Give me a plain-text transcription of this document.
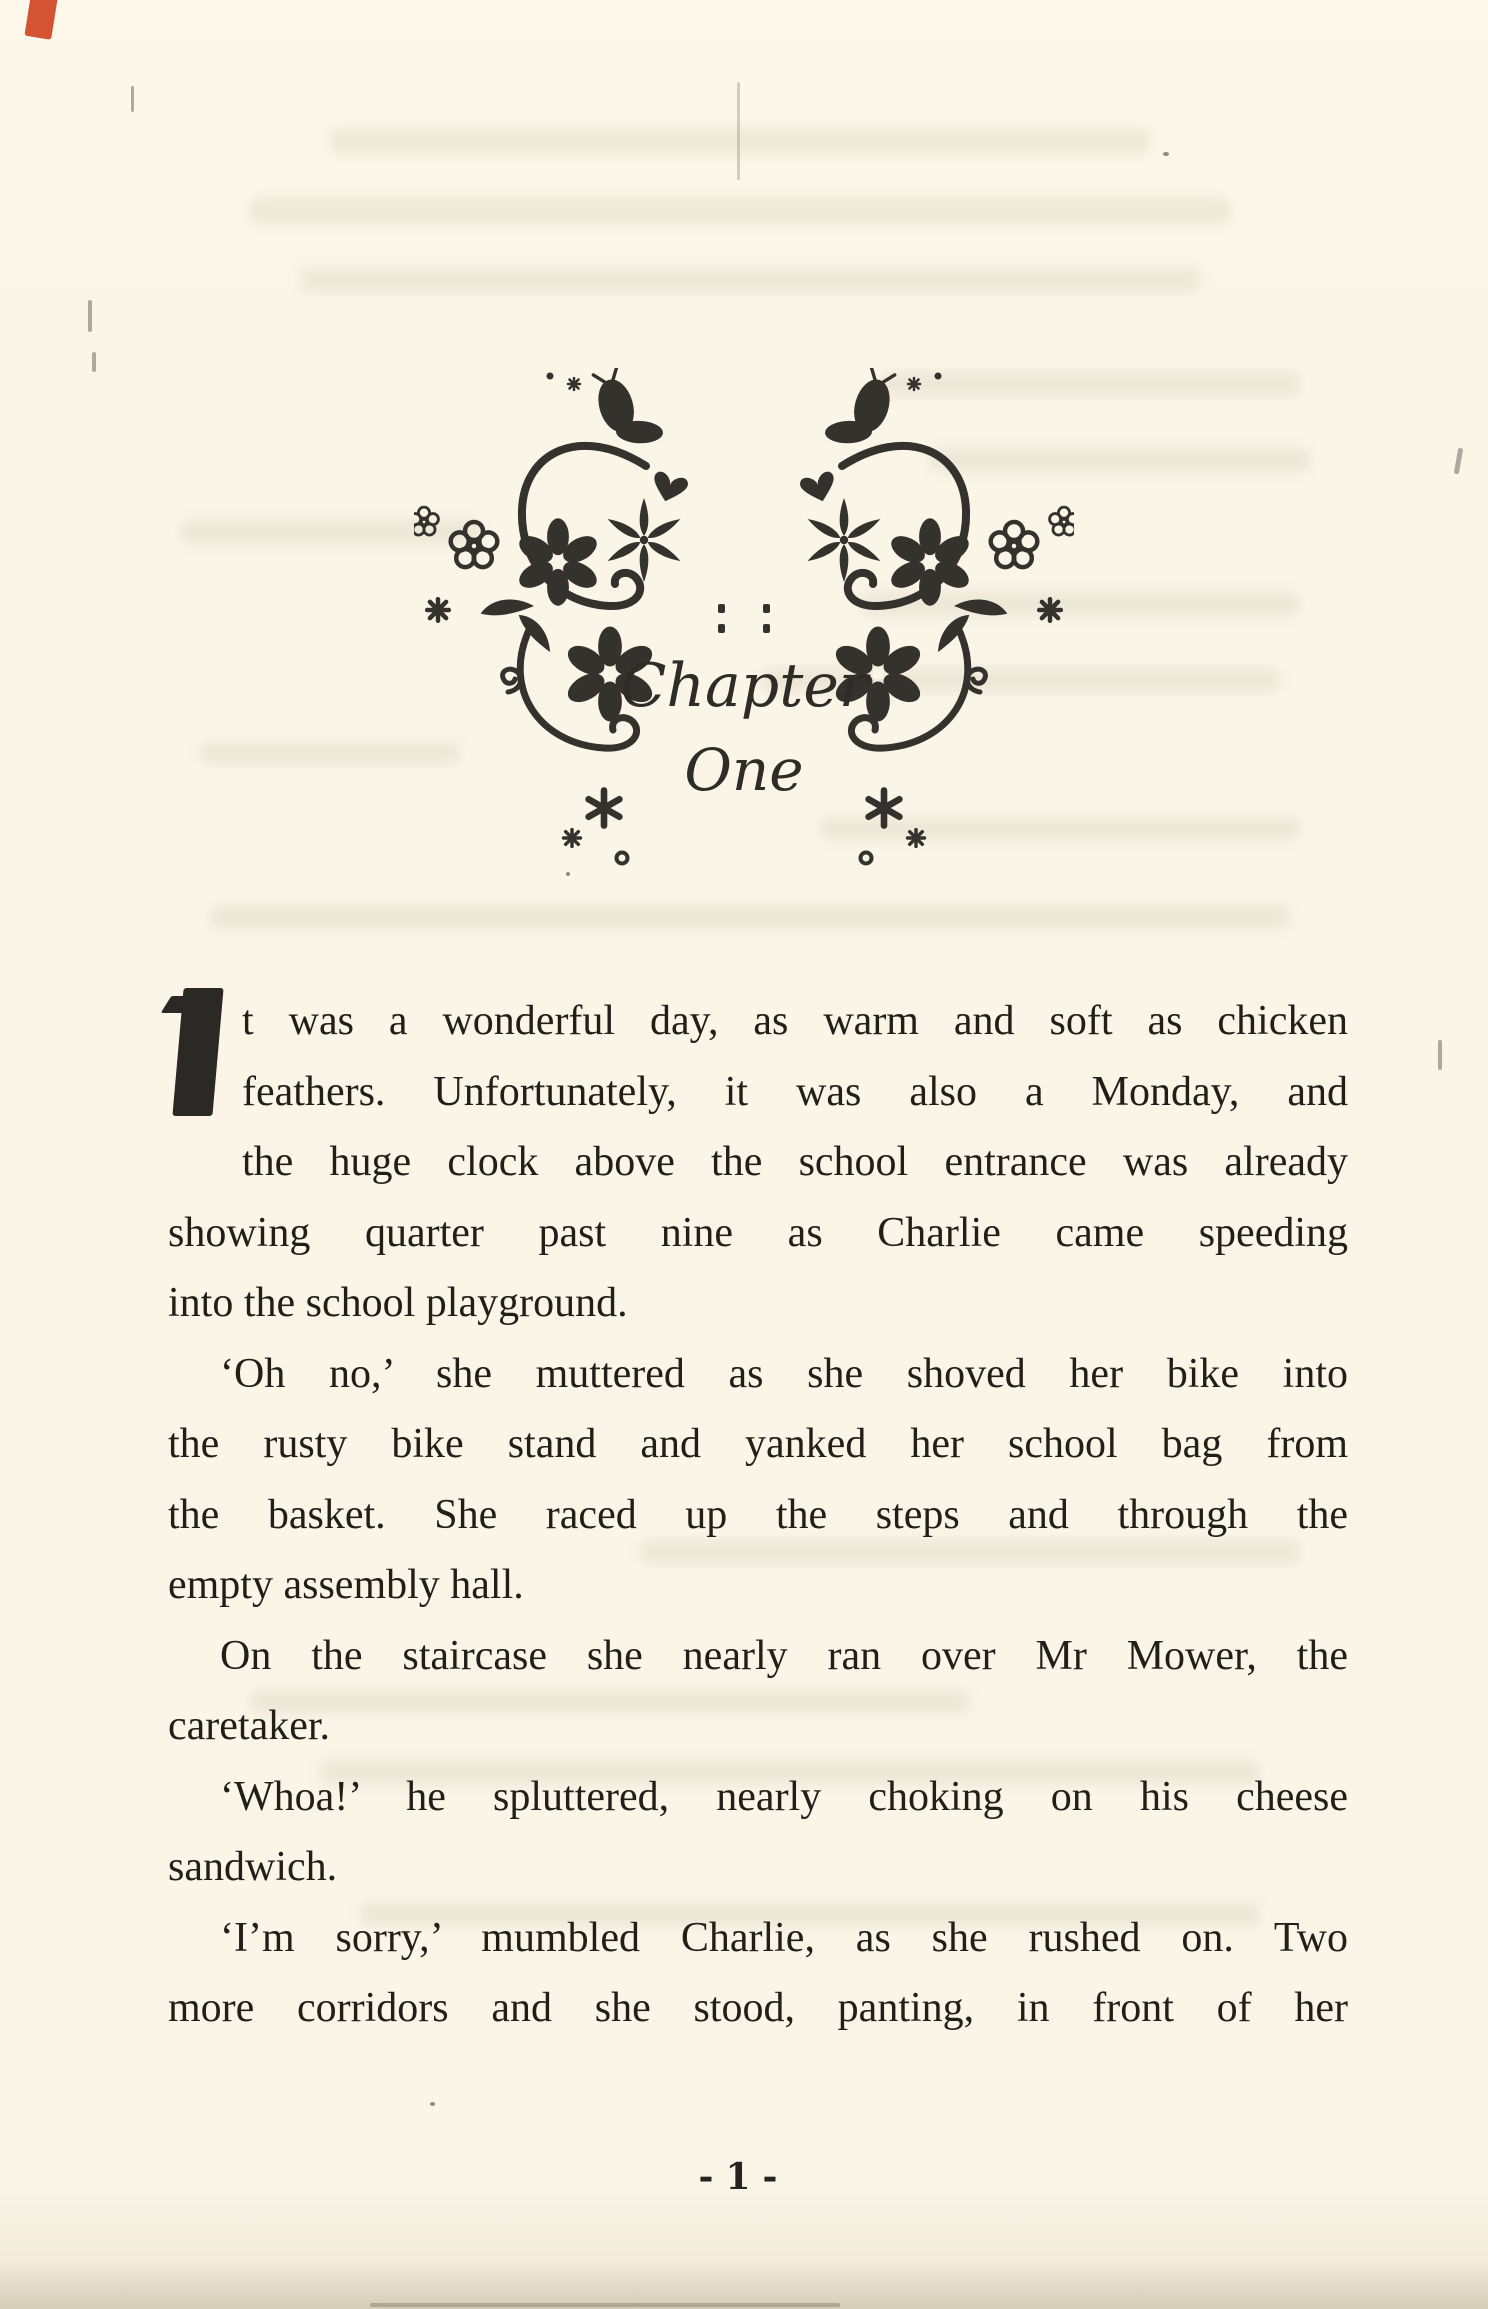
Chapter
One
t was a wonderful day, as warm and soft as chicken
feathers. Unfortunately, it was also a Monday, and
the huge clock above the school entrance was already
showing quarter past nine as Charlie came speeding
into the school playground.
‘Oh no,’ she muttered as she shoved her bike into
the rusty bike stand and yanked her school bag from
the basket. She raced up the steps and through the
empty assembly hall.
On the staircase she nearly ran over Mr Mower, the
caretaker.
‘Whoa!’ he spluttered, nearly choking on his cheese
sandwich.
‘I’m sorry,’ mumbled Charlie, as she rushed on. Two
more corridors and she stood, panting, in front of her
-1-
